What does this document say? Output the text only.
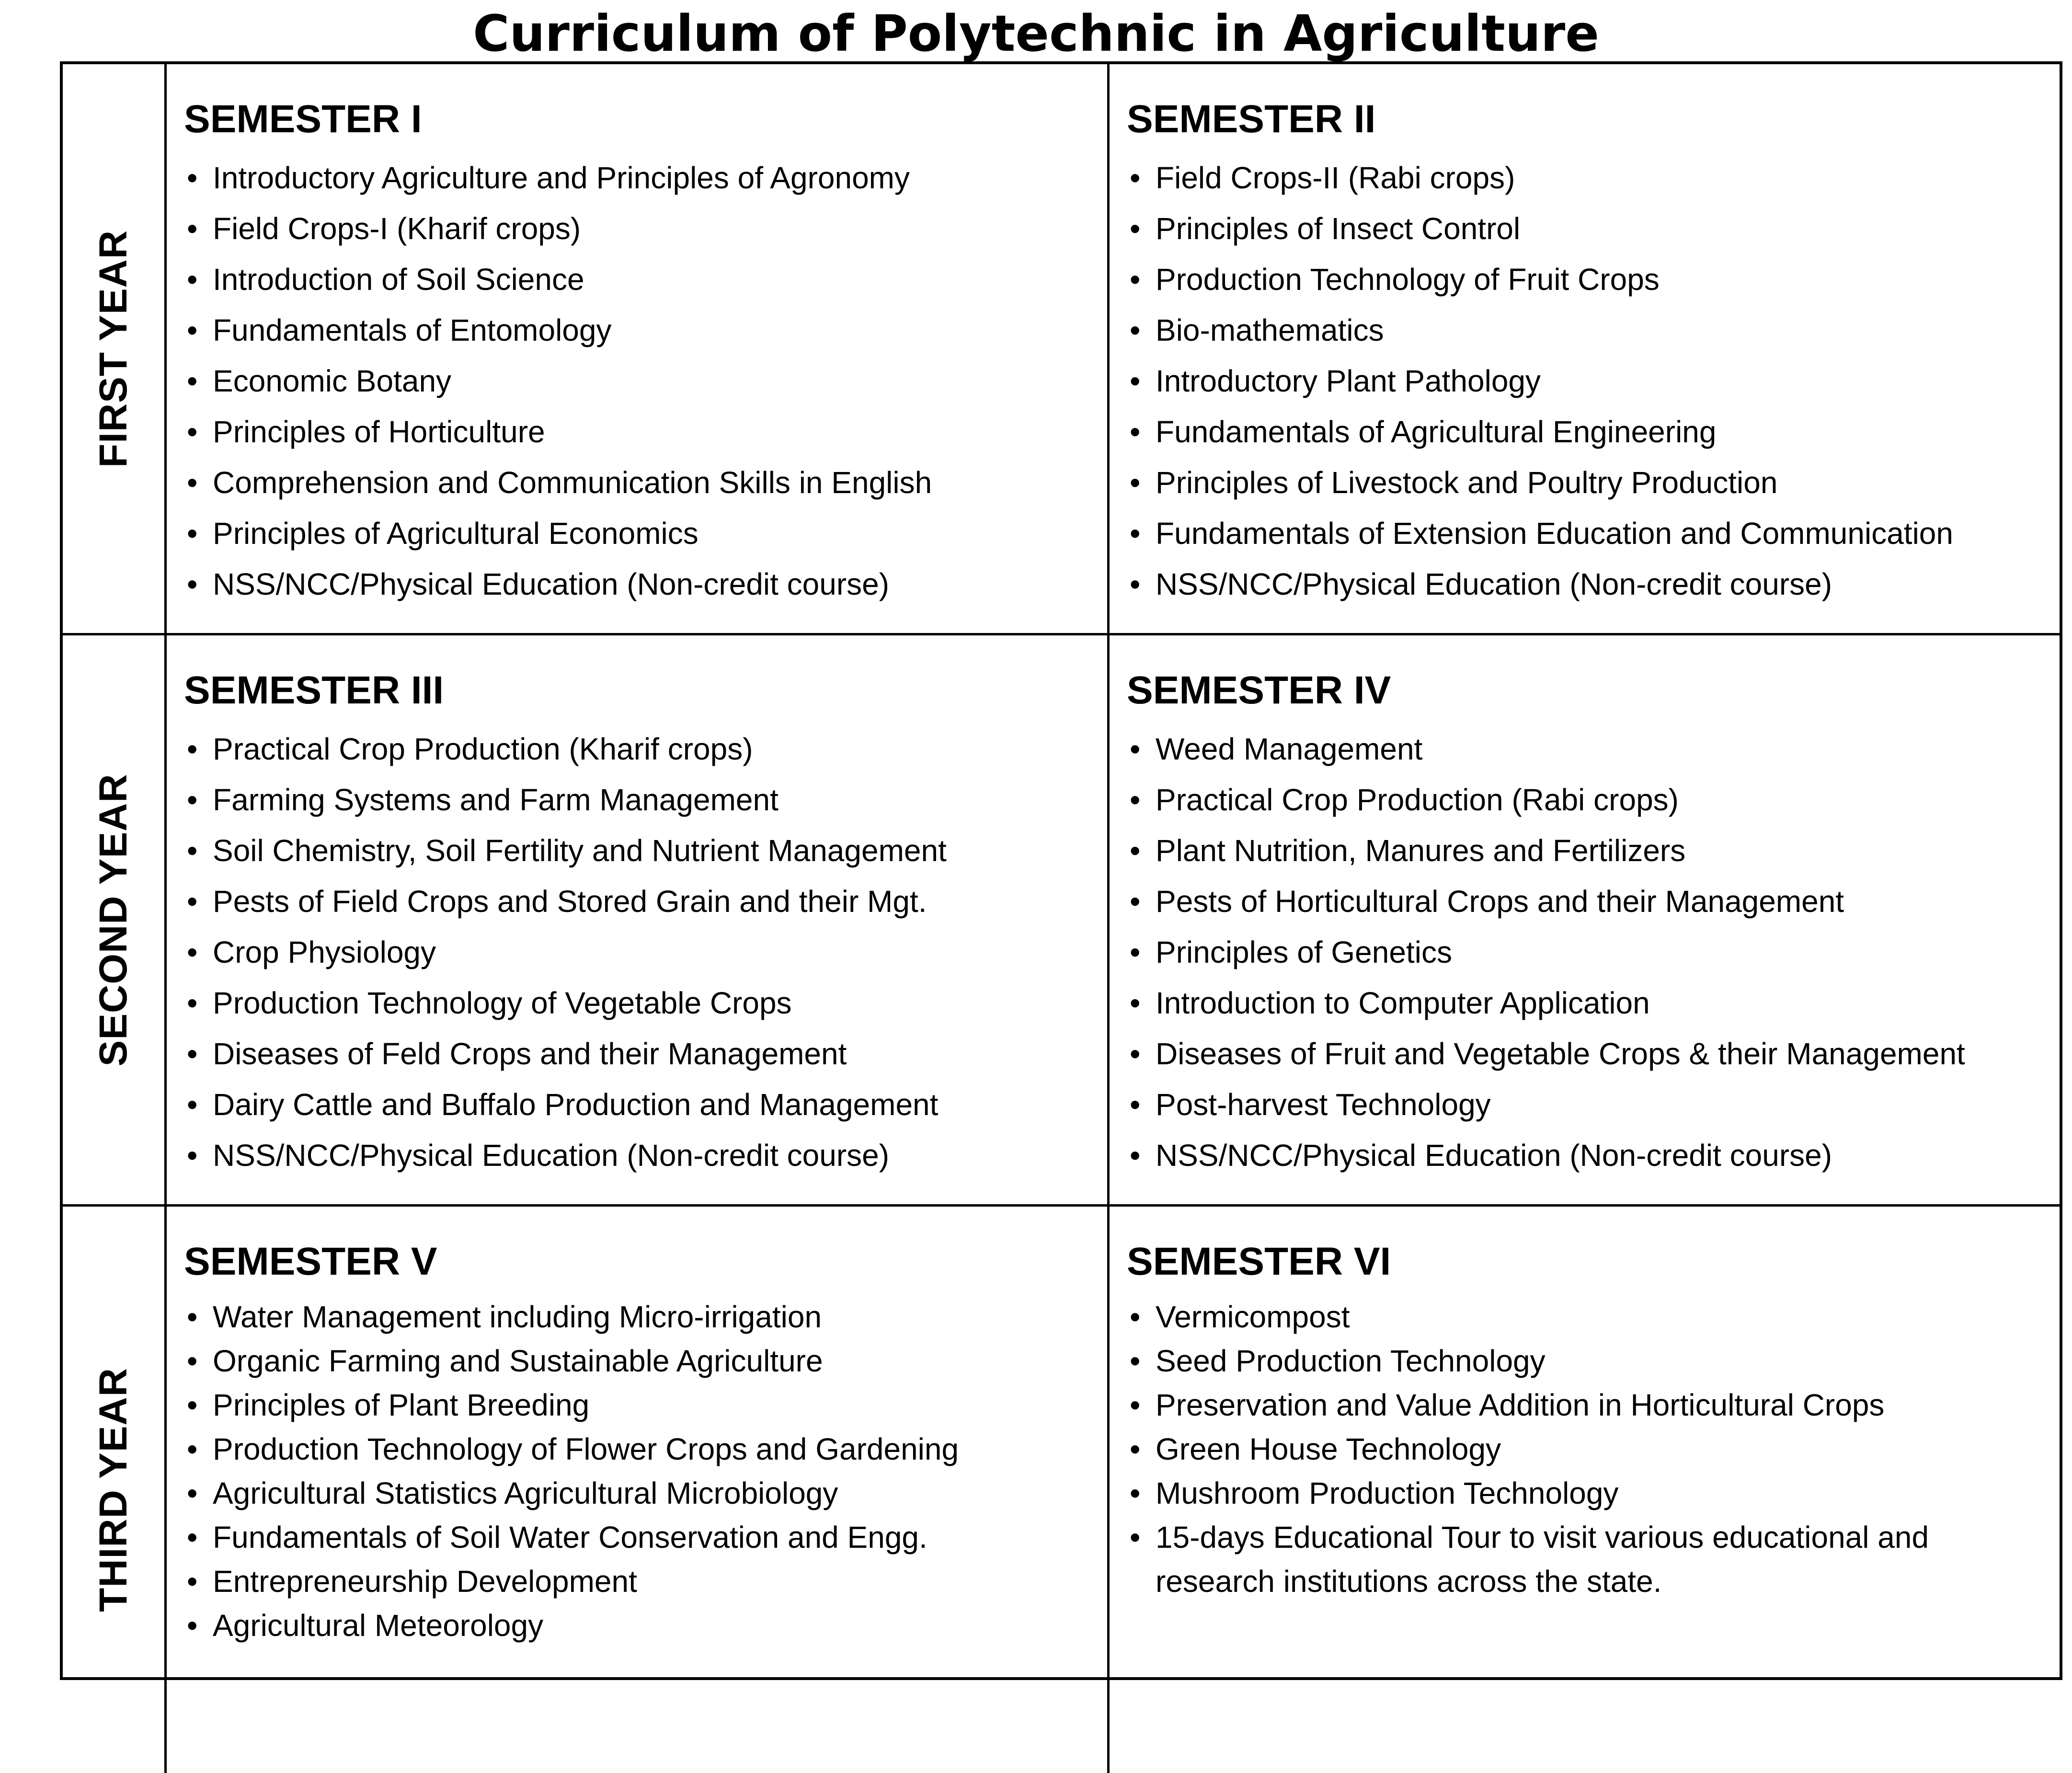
Curriculum of Polytechnic in Agriculture
FIRST YEAR
SEMESTER I
• Introductory Agriculture and Principles of Agronomy
• Field Crops-I (Kharif crops)
• Introduction of Soil Science
• Fundamentals of Entomology
• Economic Botany
• Principles of Horticulture
• Comprehension and Communication Skills in English
• Principles of Agricultural Economics
• NSS/NCC/Physical Education (Non-credit course)
SEMESTER II
• Field Crops-II (Rabi crops)
• Principles of Insect Control
• Production Technology of Fruit Crops
• Bio-mathematics
• Introductory Plant Pathology
• Fundamentals of Agricultural Engineering
• Principles of Livestock and Poultry Production
• Fundamentals of Extension Education and Communication
• NSS/NCC/Physical Education (Non-credit course)
SECOND YEAR
SEMESTER III
• Practical Crop Production (Kharif crops)
• Farming Systems and Farm Management
• Soil Chemistry, Soil Fertility and Nutrient Management
• Pests of Field Crops and Stored Grain and their Mgt.
• Crop Physiology
• Production Technology of Vegetable Crops
• Diseases of Feld Crops and their Management
• Dairy Cattle and Buffalo Production and Management
• NSS/NCC/Physical Education (Non-credit course)
SEMESTER IV
• Weed Management
• Practical Crop Production (Rabi crops)
• Plant Nutrition, Manures and Fertilizers
• Pests of Horticultural Crops and their Management
• Principles of Genetics
• Introduction to Computer Application
• Diseases of Fruit and Vegetable Crops & their Management
• Post-harvest Technology
• NSS/NCC/Physical Education (Non-credit course)
THIRD YEAR
SEMESTER V
• Water Management including Micro-irrigation
• Organic Farming and Sustainable Agriculture
• Principles of Plant Breeding
• Production Technology of Flower Crops and Gardening
• Agricultural Statistics Agricultural Microbiology
• Fundamentals of Soil Water Conservation and Engg.
• Entrepreneurship Development
• Agricultural Meteorology
SEMESTER VI
• Vermicompost
• Seed Production Technology
• Preservation and Value Addition in Horticultural Crops
• Green House Technology
• Mushroom Production Technology
• 15-days Educational Tour to visit various educational and research institutions across the state.
